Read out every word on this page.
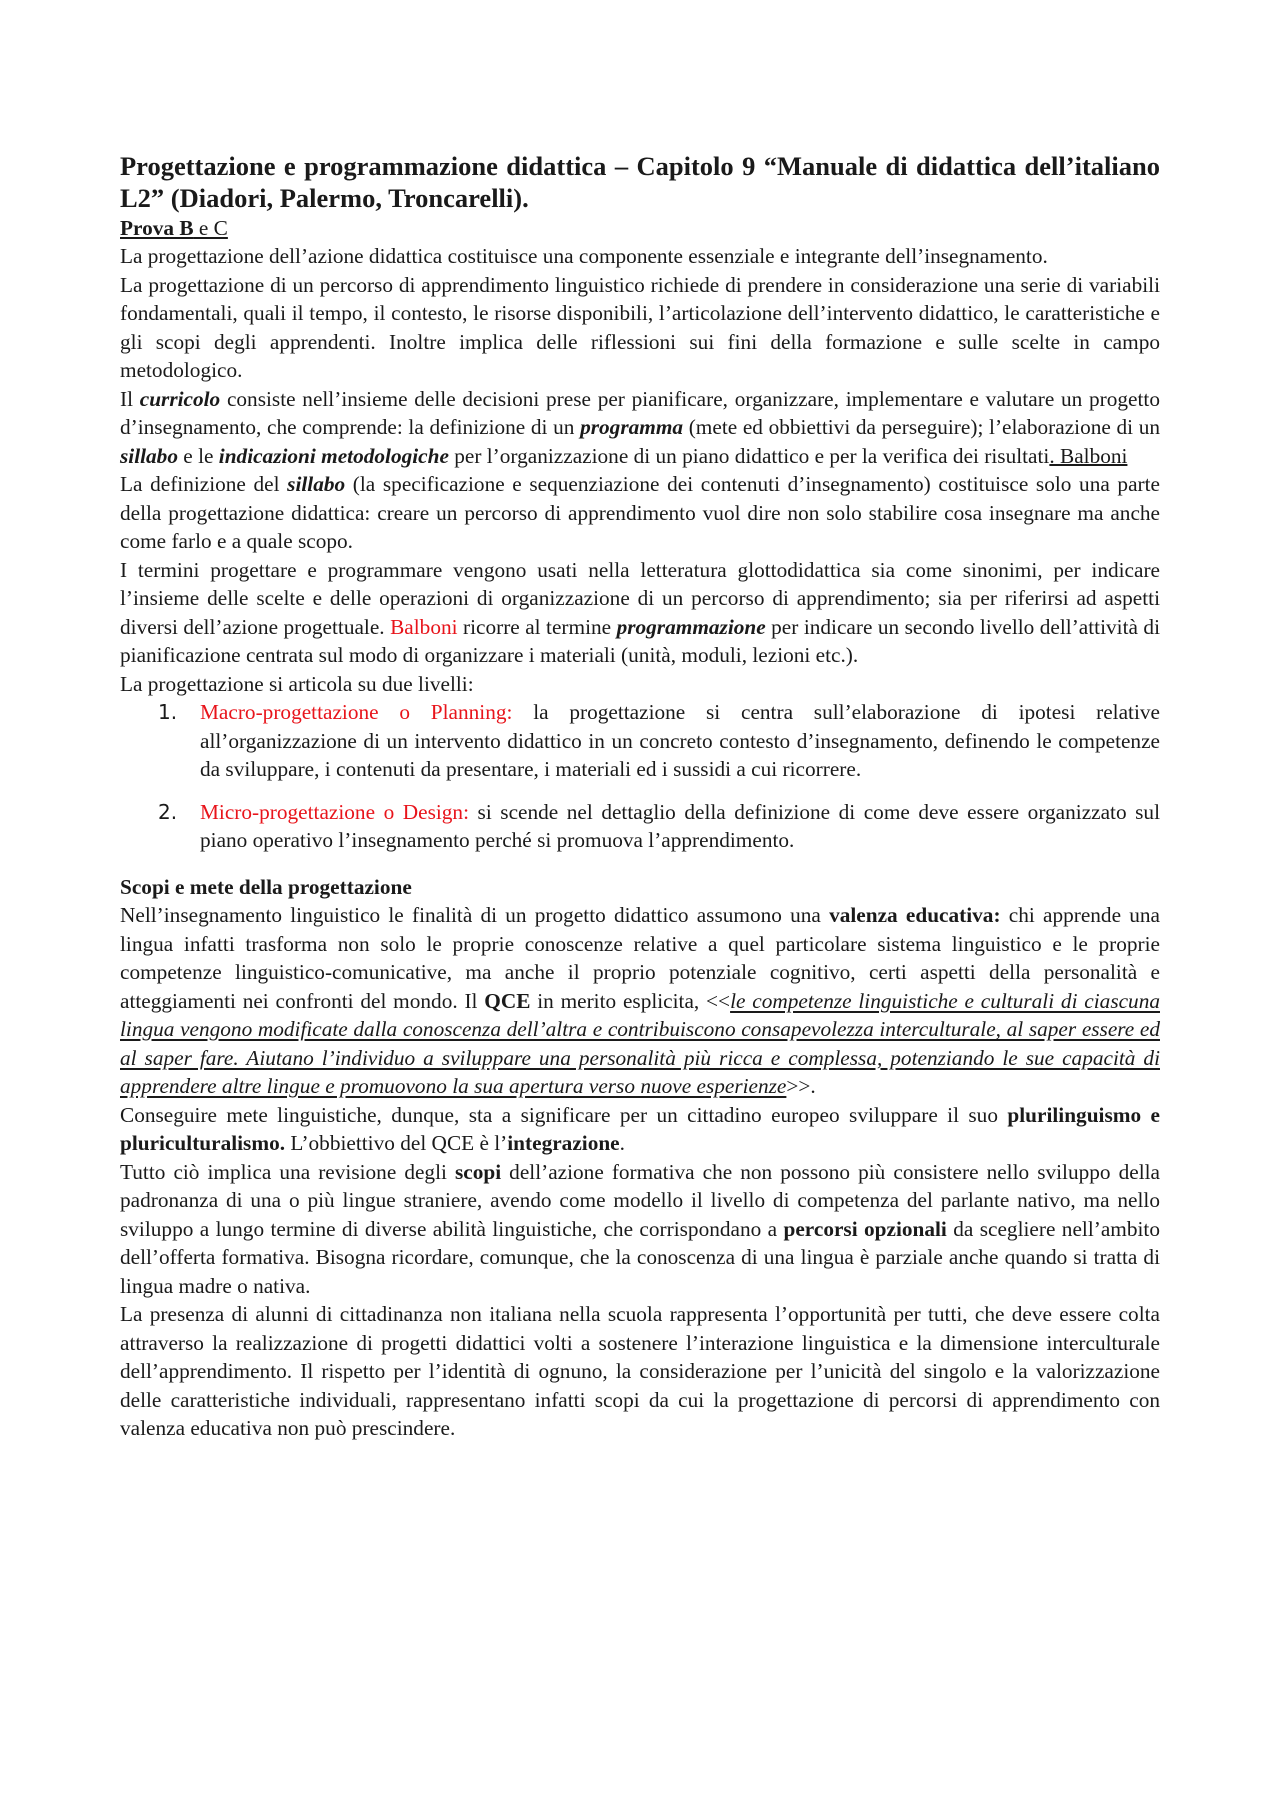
Progettazione e programmazione didattica – Capitolo 9 “Manuale di didattica dell’italiano L2” (Diadori, Palermo, Troncarelli).
Prova B e C

La progettazione dell’azione didattica costituisce una componente essenziale e integrante dell’insegnamento.

La progettazione di un percorso di apprendimento linguistico richiede di prendere in considerazione una serie di variabili fondamentali, quali il tempo, il contesto, le risorse disponibili, l’articolazione dell’intervento didattico, le caratteristiche e gli scopi degli apprendenti. Inoltre implica delle riflessioni sui fini della formazione e sulle scelte in campo metodologico.

Il curricolo consiste nell’insieme delle decisioni prese per pianificare, organizzare, implementare e valutare un progetto d’insegnamento, che comprende: la definizione di un programma (mete ed obbiettivi da perseguire); l’elaborazione di un sillabo e le indicazioni metodologiche per l’organizzazione di un piano didattico e per la verifica dei risultati. Balboni

La definizione del sillabo (la specificazione e sequenziazione dei contenuti d’insegnamento) costituisce solo una parte della progettazione didattica: creare un percorso di apprendimento vuol dire non solo stabilire cosa insegnare ma anche come farlo e a quale scopo.

I termini progettare e programmare vengono usati nella letteratura glottodidattica sia come sinonimi, per indicare l’insieme delle scelte e delle operazioni di organizzazione di un percorso di apprendimento; sia per riferirsi ad aspetti diversi dell’azione progettuale. Balboni ricorre al termine programmazione per indicare un secondo livello dell’attività di pianificazione centrata sul modo di organizzare i materiali (unità, moduli, lezioni etc.).

La progettazione si articola su due livelli:

1. Macro-progettazione o Planning: la progettazione si centra sull’elaborazione di ipotesi relative all’organizzazione di un intervento didattico in un concreto contesto d’insegnamento, definendo le competenze da sviluppare, i contenuti da presentare, i materiali ed i sussidi a cui ricorrere.
2. Micro-progettazione o Design: si scende nel dettaglio della definizione di come deve essere organizzato sul piano operativo l’insegnamento perché si promuova l’apprendimento.
Scopi e mete della progettazione

Nell’insegnamento linguistico le finalità di un progetto didattico assumono una valenza educativa: chi apprende una lingua infatti trasforma non solo le proprie conoscenze relative a quel particolare sistema linguistico e le proprie competenze linguistico-comunicative, ma anche il proprio potenziale cognitivo, certi aspetti della personalità e atteggiamenti nei confronti del mondo. Il QCE in merito esplicita, <<le competenze linguistiche e culturali di ciascuna lingua vengono modificate dalla conoscenza dell’altra e contribuiscono consapevolezza interculturale, al saper essere ed al saper fare. Aiutano l’individuo a sviluppare una personalità più ricca e complessa, potenziando le sue capacità di apprendere altre lingue e promuovono la sua apertura verso nuove esperienze>>.

Conseguire mete linguistiche, dunque, sta a significare per un cittadino europeo sviluppare il suo plurilinguismo e pluriculturalismo. L’obbiettivo del QCE è l’integrazione.

Tutto ciò implica una revisione degli scopi dell’azione formativa che non possono più consistere nello sviluppo della padronanza di una o più lingue straniere, avendo come modello il livello di competenza del parlante nativo, ma nello sviluppo a lungo termine di diverse abilità linguistiche, che corrispondano a percorsi opzionali da scegliere nell’ambito dell’offerta formativa. Bisogna ricordare, comunque, che la conoscenza di una lingua è parziale anche quando si tratta di lingua madre o nativa.

La presenza di alunni di cittadinanza non italiana nella scuola rappresenta l’opportunità per tutti, che deve essere colta attraverso la realizzazione di progetti didattici volti a sostenere l’interazione linguistica e la dimensione interculturale dell’apprendimento. Il rispetto per l’identità di ognuno, la considerazione per l’unicità del singolo e la valorizzazione delle caratteristiche individuali, rappresentano infatti scopi da cui la progettazione di percorsi di apprendimento con valenza educativa non può prescindere.
